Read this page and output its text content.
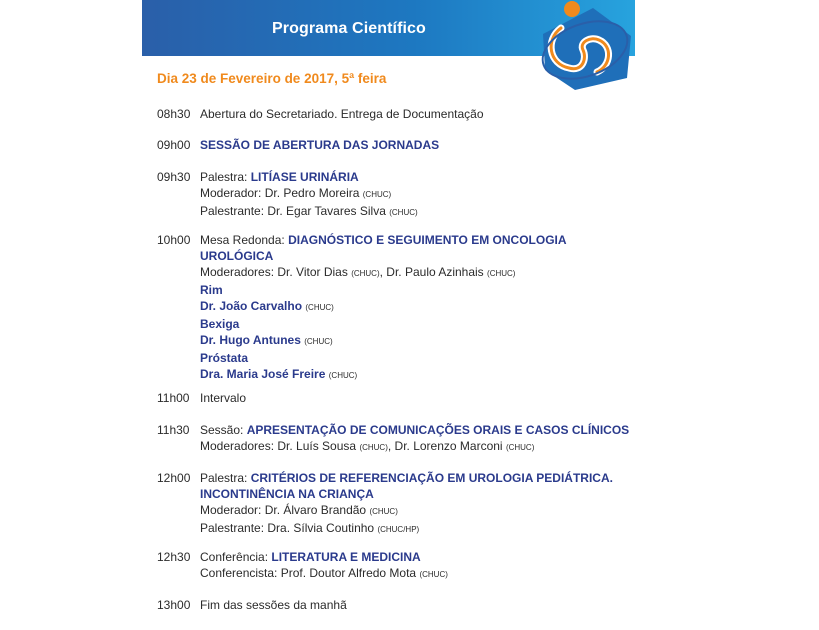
Programa Científico
Dia 23 de Fevereiro de 2017, 5ª feira
08h30 Abertura do Secretariado. Entrega de Documentação
09h00 SESSÃO DE ABERTURA DAS JORNADAS
09h30 Palestra: LITÍASE URINÁRIA
Moderador: Dr. Pedro Moreira (CHUC)
Palestrante: Dr. Egar Tavares Silva (CHUC)
10h00 Mesa Redonda: DIAGNÓSTICO E SEGUIMENTO EM ONCOLOGIA
UROLÓGICA
Moderadores: Dr. Vitor Dias (CHUC), Dr. Paulo Azinhais (CHUC)
Rim
Dr. João Carvalho (CHUC)
Bexiga
Dr. Hugo Antunes (CHUC)
Próstata
Dra. Maria José Freire (CHUC)
11h00 Intervalo
11h30 Sessão: APRESENTAÇÃO DE COMUNICAÇÕES ORAIS E CASOS CLÍNICOS
Moderadores: Dr. Luís Sousa (CHUC), Dr. Lorenzo Marconi (CHUC)
12h00 Palestra: CRITÉRIOS DE REFERENCIAÇÃO EM UROLOGIA PEDIÁTRICA.
INCONTINÊNCIA NA CRIANÇA
Moderador: Dr. Álvaro Brandão (CHUC)
Palestrante: Dra. Sílvia Coutinho (CHUC/HP)
12h30 Conferência: LITERATURA E MEDICINA
Conferencista: Prof. Doutor Alfredo Mota (CHUC)
13h00 Fim das sessões da manhã
